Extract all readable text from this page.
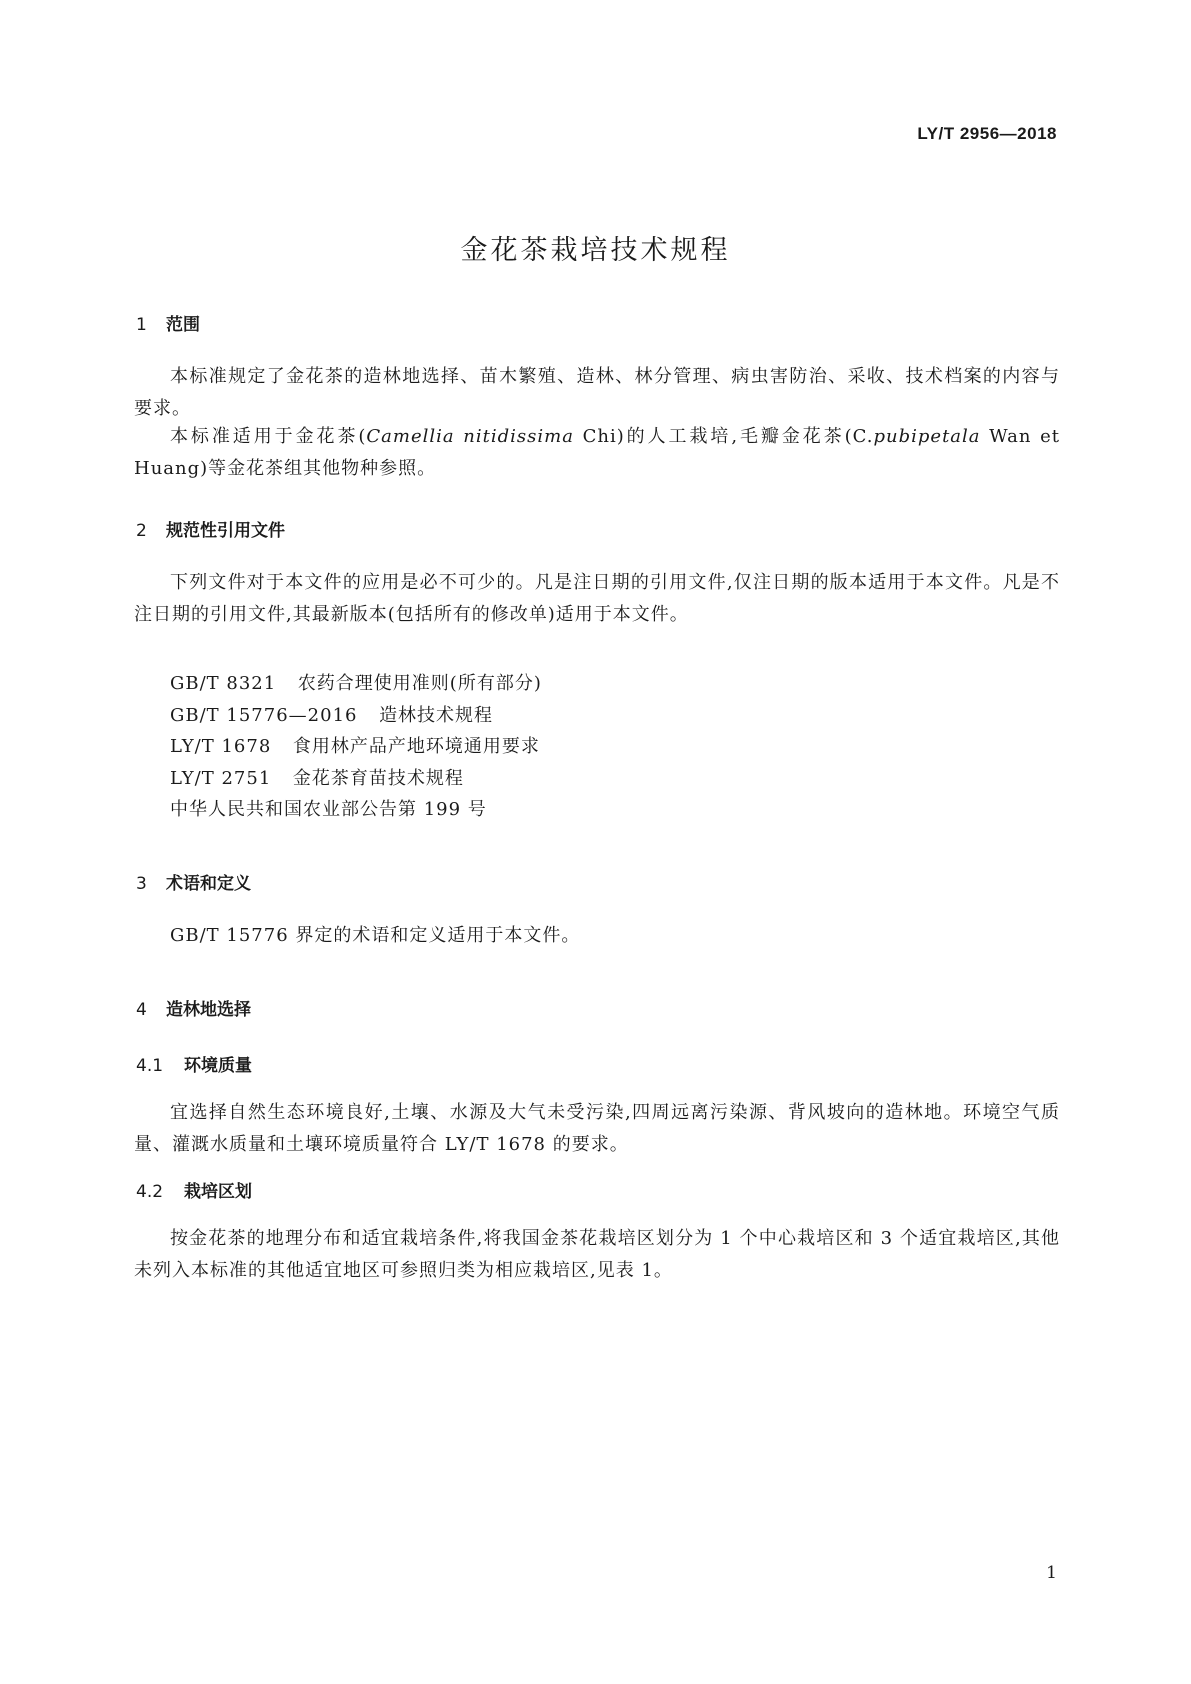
LY/T 2956—2018
金花茶栽培技术规程
1 范围
本标准规定了金花茶的造林地选择、苗木繁殖、造林、林分管理、病虫害防治、采收、技术档案的内容与要求。
本标准适用于金花茶(Camellia nitidissima Chi)的人工栽培,毛瓣金花茶(C.pubipetala Wan et Huang)等金花茶组其他物种参照。
2 规范性引用文件
下列文件对于本文件的应用是必不可少的。凡是注日期的引用文件,仅注日期的版本适用于本文件。凡是不注日期的引用文件,其最新版本(包括所有的修改单)适用于本文件。
GB/T 8321 农药合理使用准则(所有部分)
GB/T 15776—2016 造林技术规程
LY/T 1678 食用林产品产地环境通用要求
LY/T 2751 金花茶育苗技术规程
中华人民共和国农业部公告第 199 号
3 术语和定义
GB/T 15776 界定的术语和定义适用于本文件。
4 造林地选择
4.1 环境质量
宜选择自然生态环境良好,土壤、水源及大气未受污染,四周远离污染源、背风坡向的造林地。环境空气质量、灌溉水质量和土壤环境质量符合 LY/T 1678 的要求。
4.2 栽培区划
按金花茶的地理分布和适宜栽培条件,将我国金茶花栽培区划分为 1 个中心栽培区和 3 个适宜栽培区,其他未列入本标准的其他适宜地区可参照归类为相应栽培区,见表 1。
1
